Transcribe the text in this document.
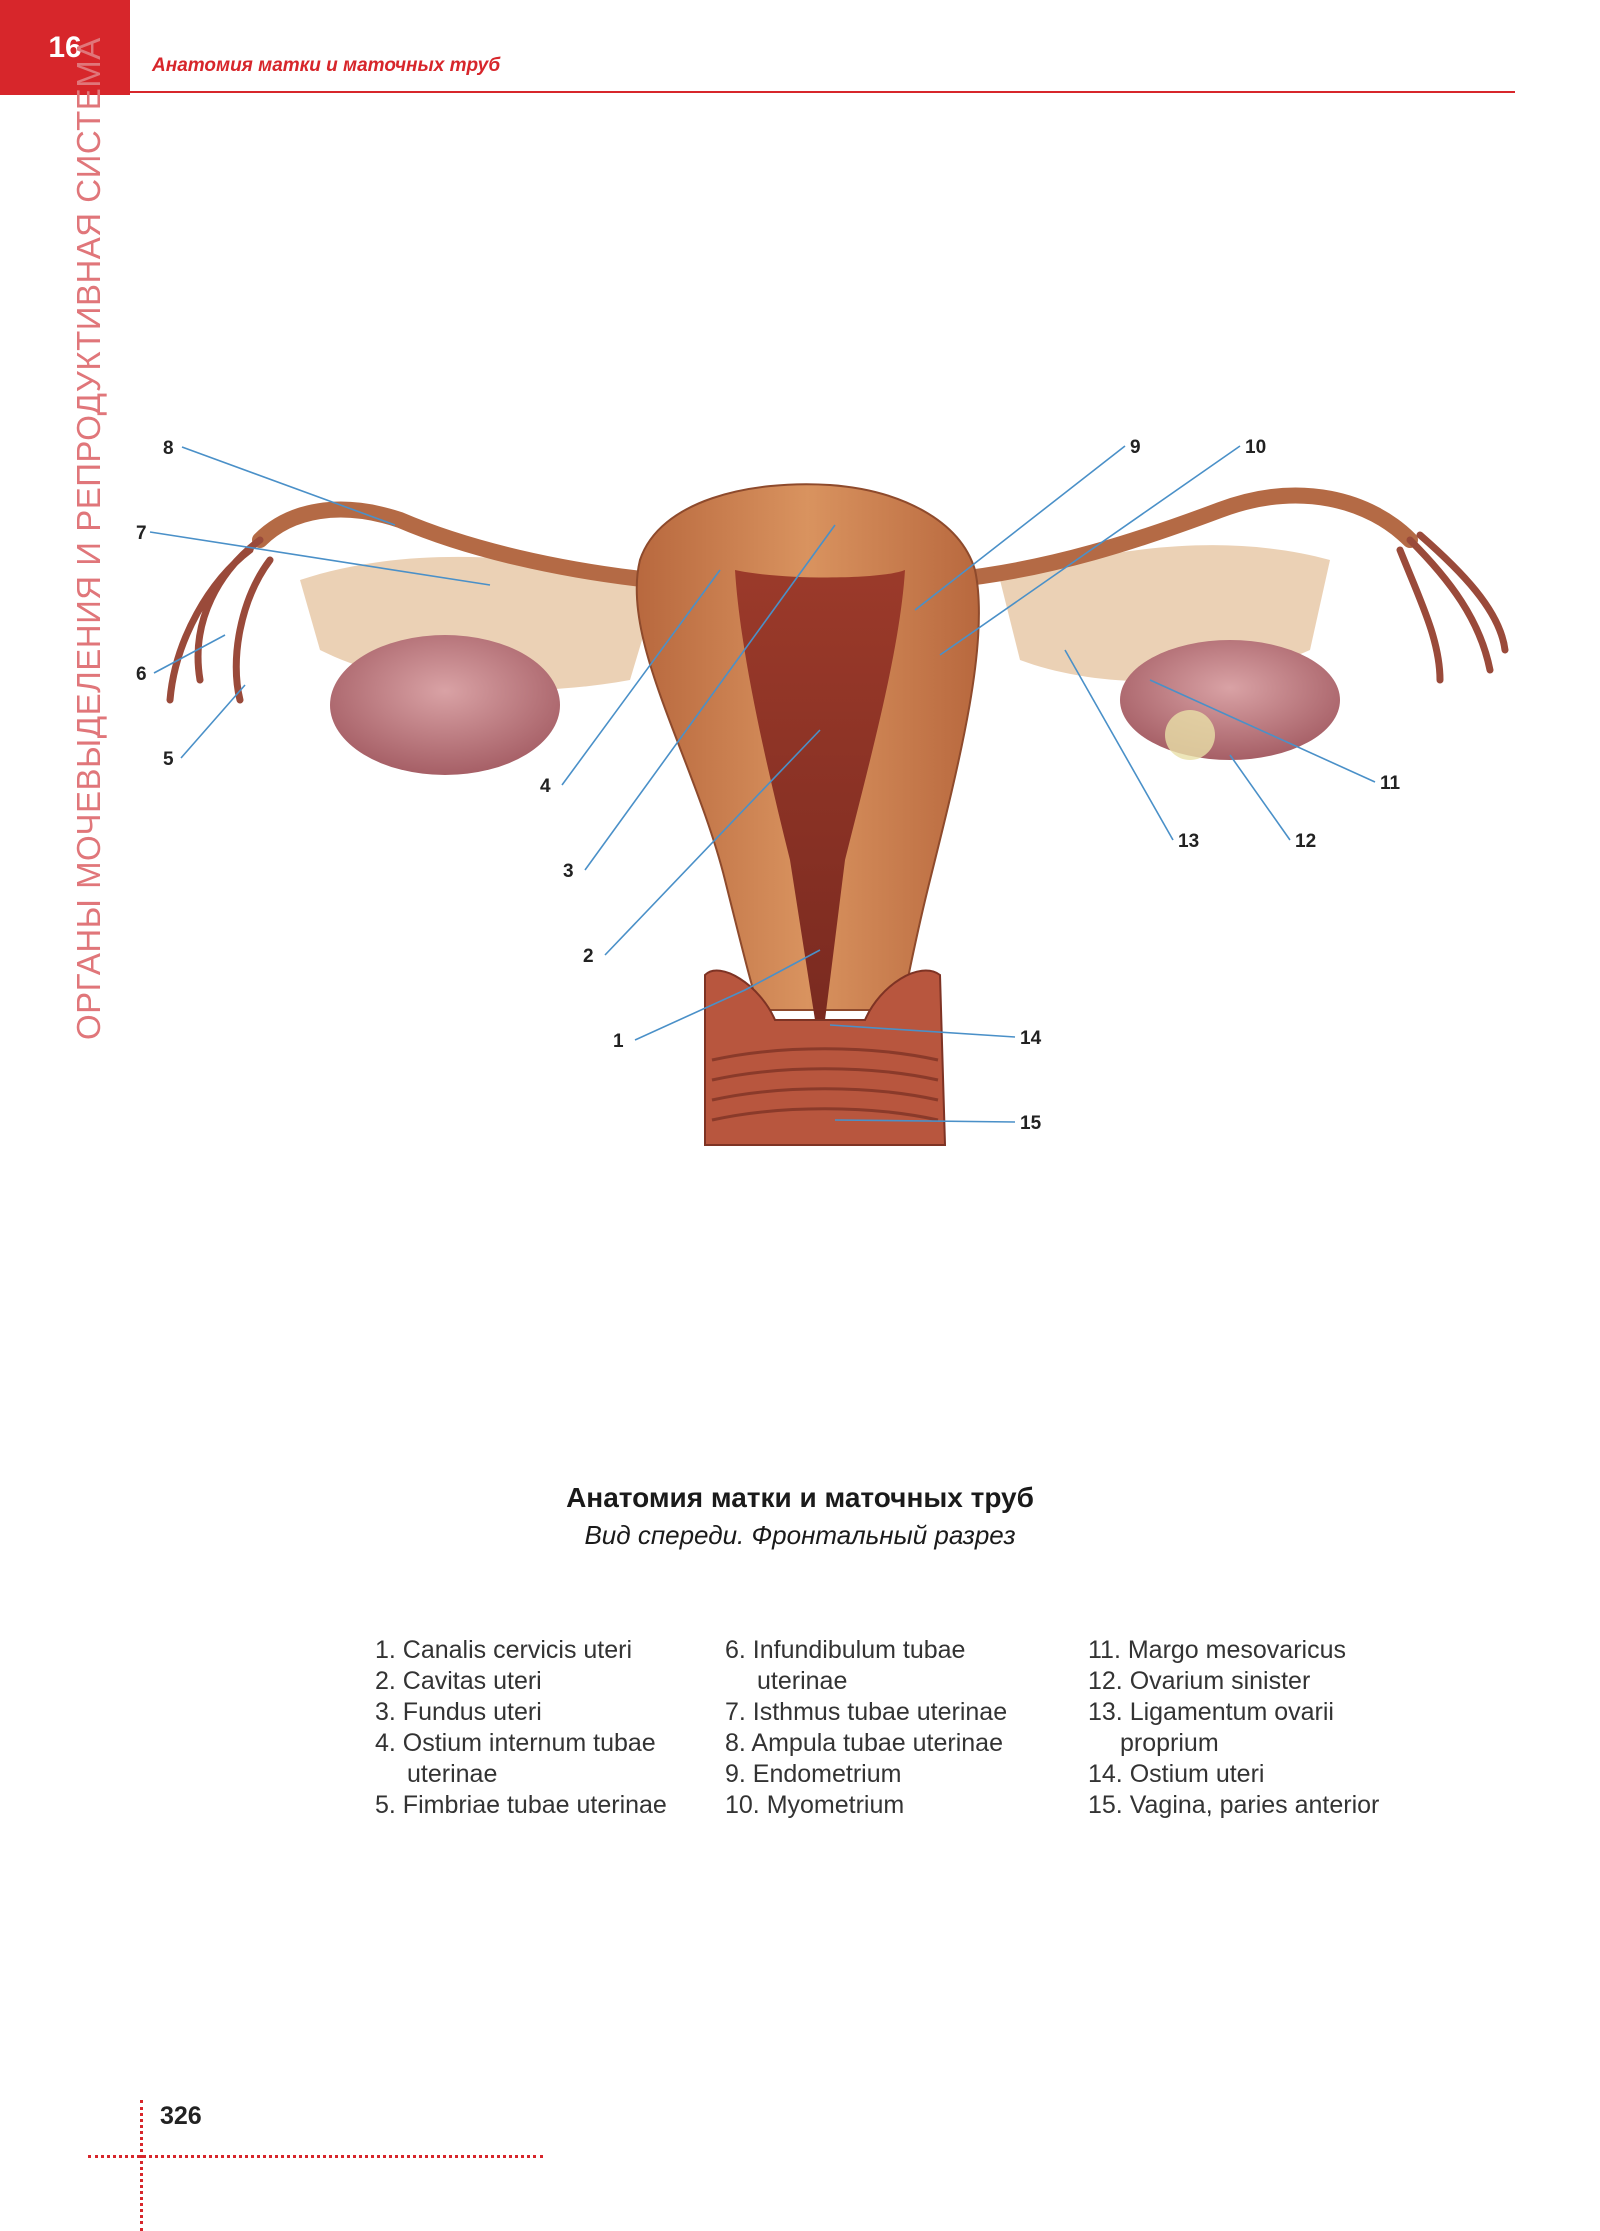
16
Анатомия матки и маточных труб
ОРГАНЫ МОЧЕВЫДЕЛЕНИЯ И РЕПРОДУКТИВНАЯ СИСТЕМА
1
2
3
4
5
6
7
8	9	10
11
12
13
14
15
Анатомия матки и маточных труб
Вид спереди. Фронтальный разрез
1. Canalis cervicis uteri
2. Cavitas uteri
3. Fundus uteri
4. Ostium internum tubae
uterinae
5. Fimbriae tubae uterinae
6. Infundibulum tubae
uterinae
7. Isthmus tubae uterinae
8. Ampula tubae uterinae
9. Endometrium
10. Myometrium
11. Margo mesovaricus
12. Ovarium sinister
13. Ligamentum ovarii
proprium
14. Ostium uteri
15. Vagina, paries anterior
326
